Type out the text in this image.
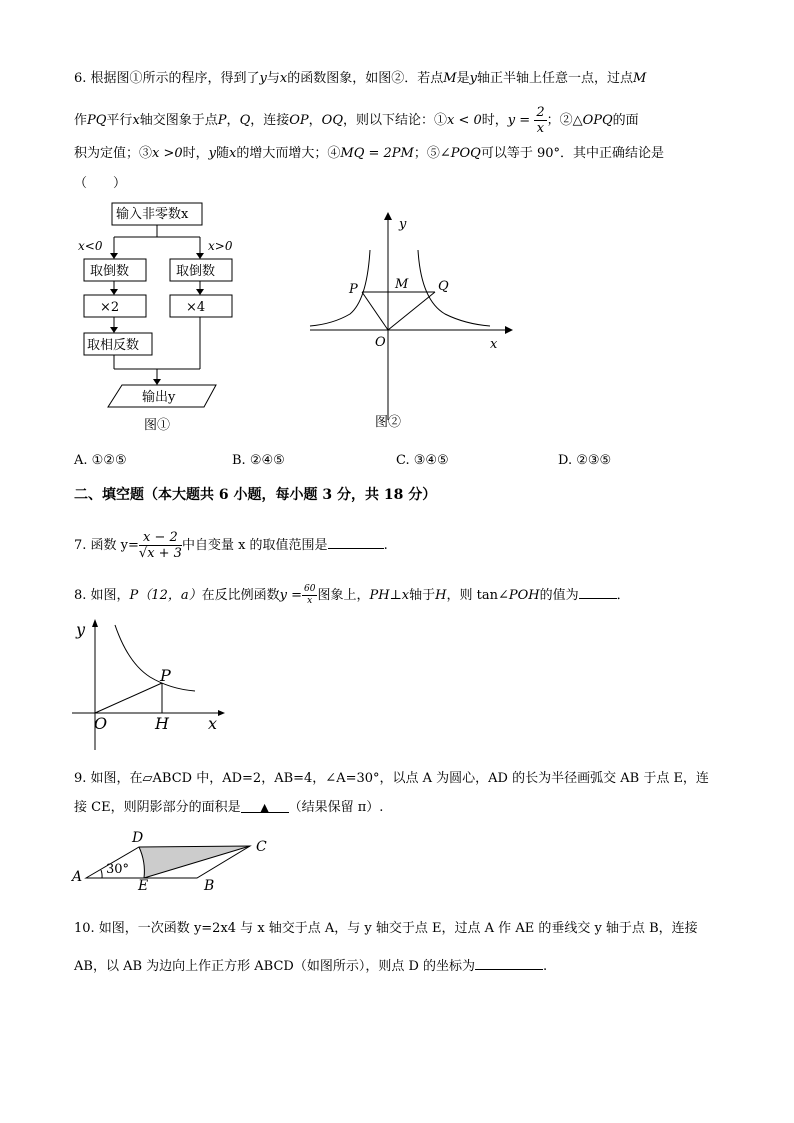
6. 根据图①所示的程序，得到了y与x的函数图象，如图②．若点M是y轴正半轴上任意一点，过点M
作PQ平行x轴交图象于点P，Q，连接OP，OQ，则以下结论：①x < 0时，$y = \frac{2}{x}$ ；②△OPQ的面
积为定值；③x >0时，y随x的增大而增大；④MQ = 2PM；⑤∠POQ可以等于 90°．其中正确结论是
（　　）
输入非零数x
x<0	x>0
取倒数	取倒数
×2	×4
取相反数
输出y
图①
y
x
O
P	M Q
图②
A. ①②⑤	B. ②④⑤	C. ③④⑤	D. ②③⑤
二、填空题（本大题共 6 小题，每小题 3 分，共 18 分）
7. 函数 $y= \frac{x - 2}{√x + 3}$ 中自变量 x 的取值范围是	.
8. 如图，P（12，a）在反比例函数$y = \frac{60}{x}$ 图象上，PH⊥x轴于H，则 tan∠POH的值为	．
y
x
O	H
P
9. 如图，在▱ABCD 中，AD=2，AB=4，∠A=30°，以点 A 为圆心，AD 的长为半径画弧交 AB 于点 E，连
接 CE，则阴影部分的面积是 ▲ （结果保留 π）.
A
D
C
E	B
30°
10. 如图，一次函数 y=2x4 与 x 轴交于点 A，与 y 轴交于点 E，过点 A 作 AE 的垂线交 y 轴于点 B，连接
AB，以 AB 为边向上作正方形 ABCD（如图所示），则点 D 的坐标为	.
